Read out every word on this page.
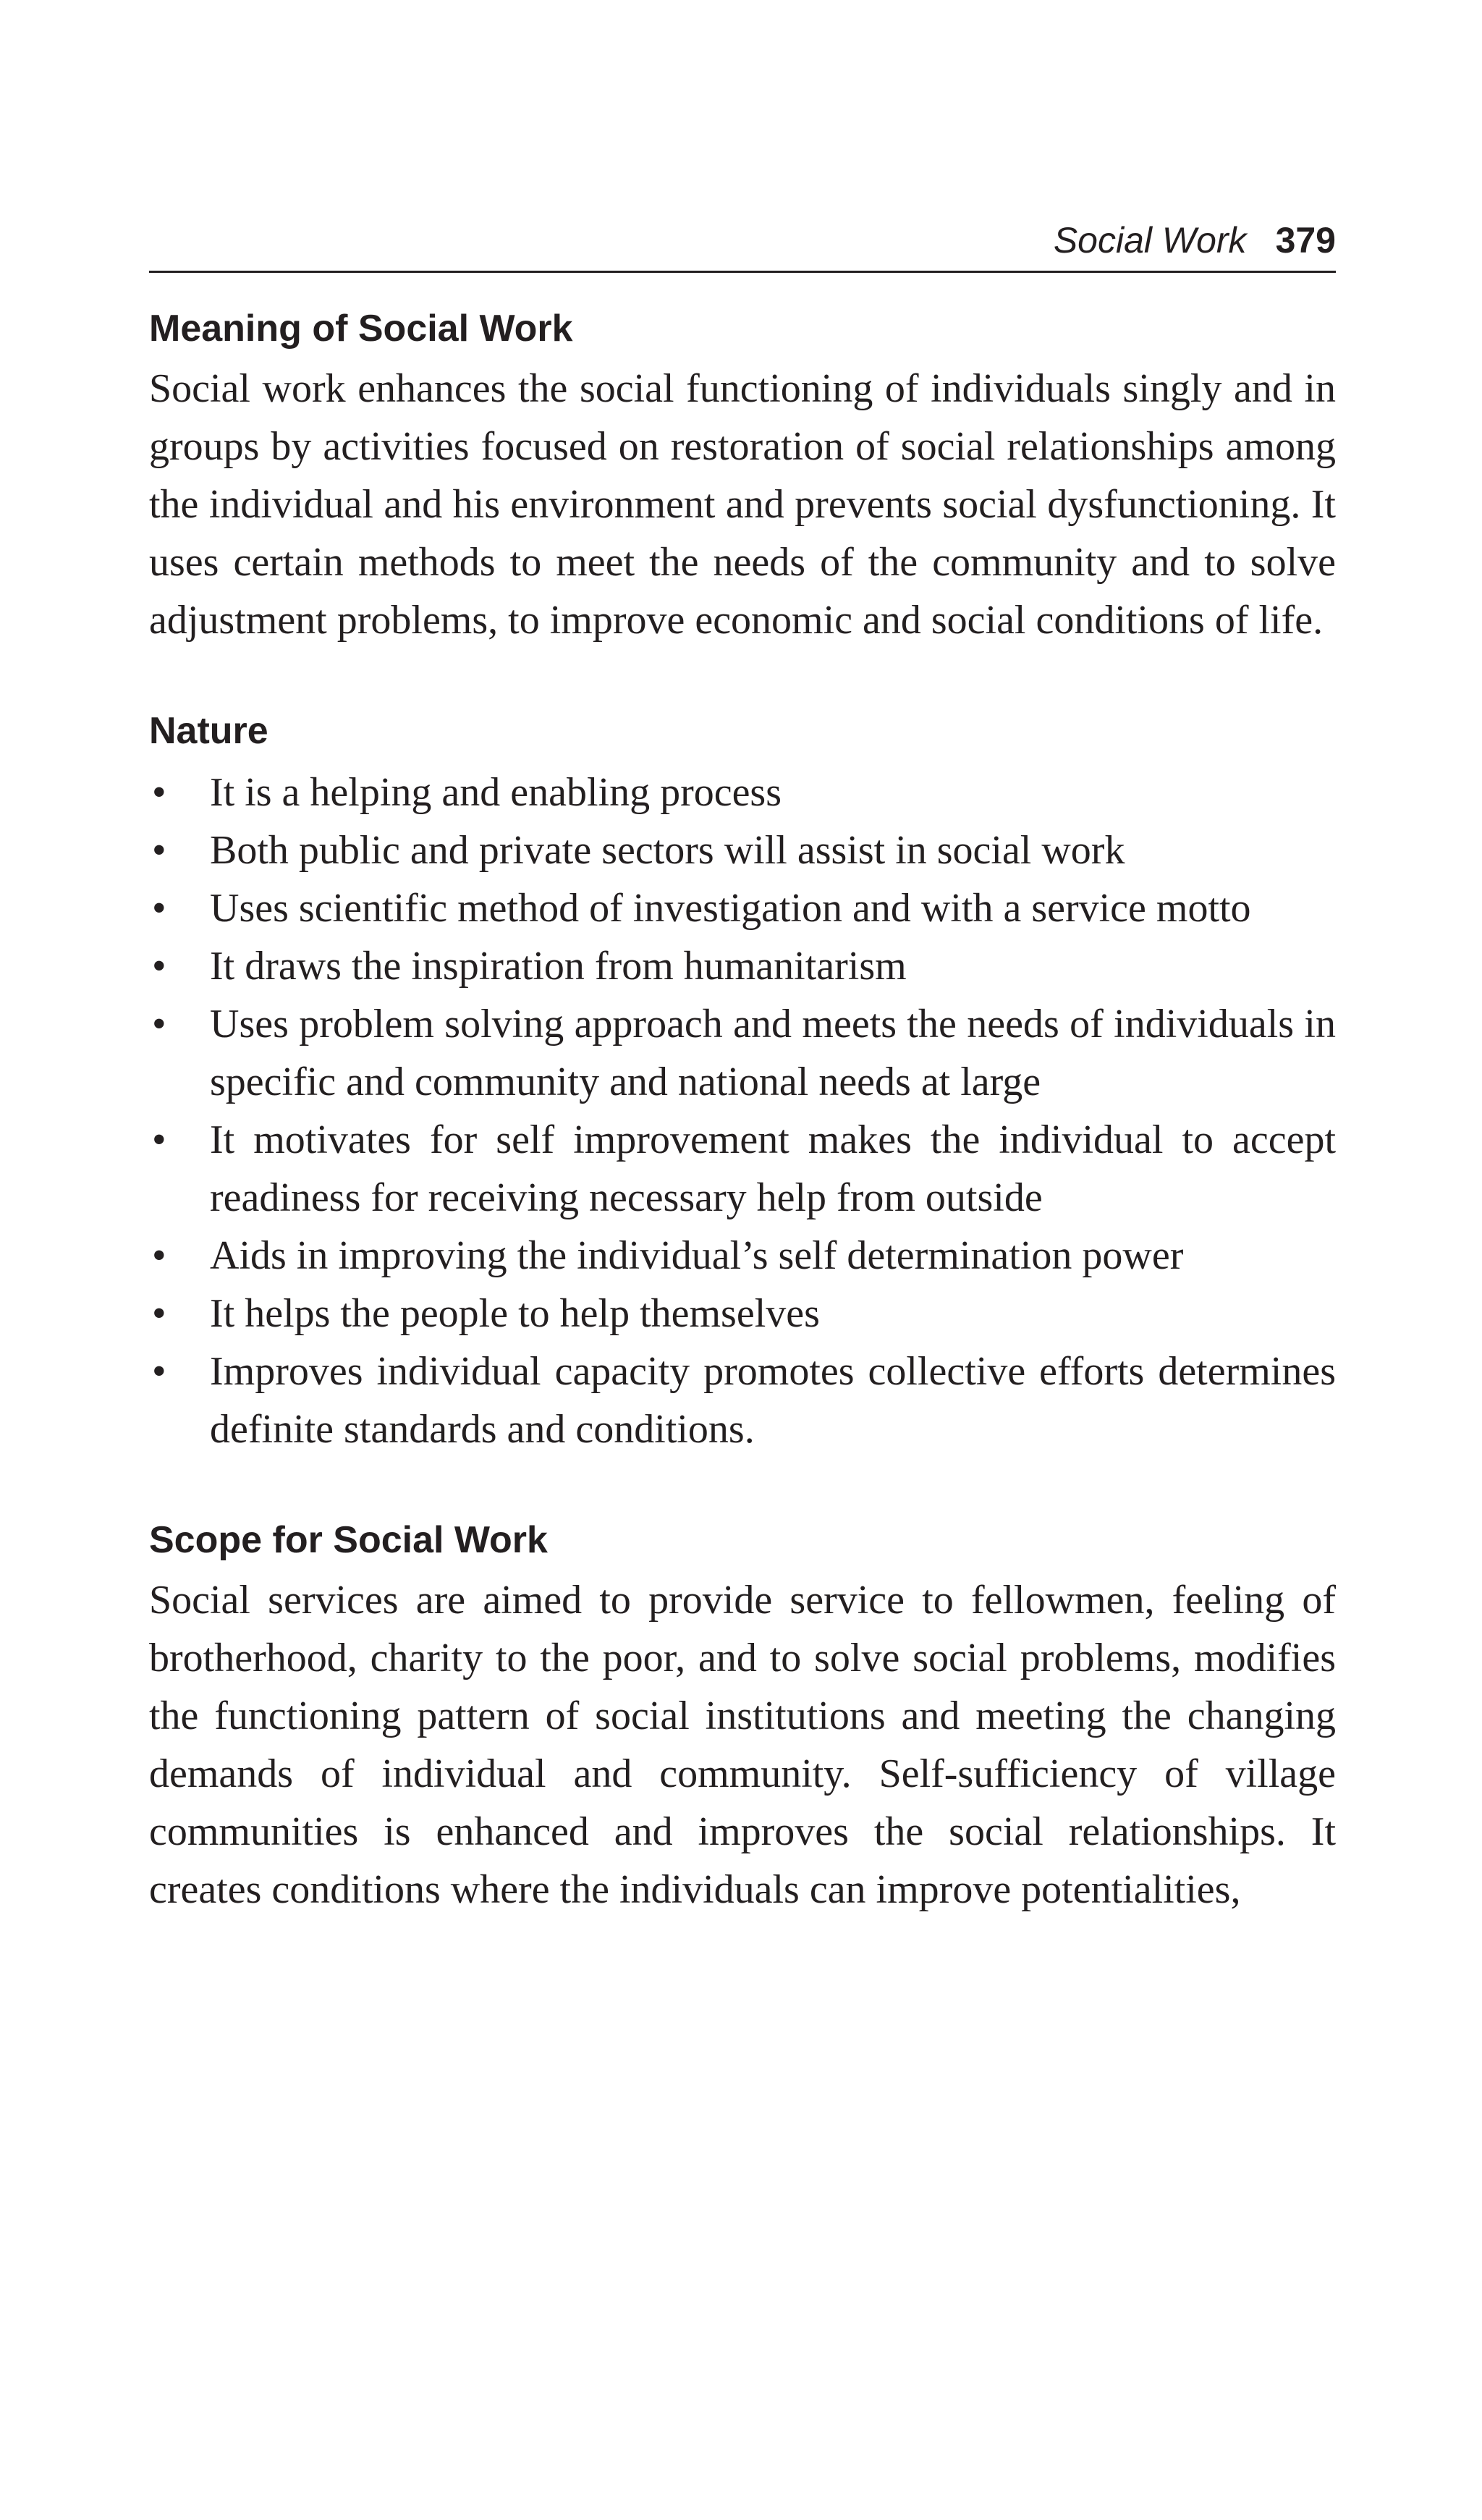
Social Work 379
Meaning of Social Work

Social work enhances the social functioning of individuals singly and in groups by activities focused on restoration of social relationships among the individual and his environment and prevents social dysfunctioning. It uses certain methods to meet the needs of the community and to solve adjustment problems, to improve economic and social conditions of life.

Nature
• It is a helping and enabling process
• Both public and private sectors will assist in social work
• Uses scientific method of investigation and with a service motto
• It draws the inspiration from humanitarism
• Uses problem solving approach and meets the needs of individuals in specific and community and national needs at large
• It motivates for self improvement makes the individual to accept readiness for receiving necessary help from outside
• Aids in improving the individual’s self determination power
• It helps the people to help themselves
• Improves individual capacity promotes collective efforts determines definite standards and conditions.
Scope for Social Work

Social services are aimed to provide service to fellowmen, feeling of brotherhood, charity to the poor, and to solve social problems, modifies the functioning pattern of social institutions and meeting the changing demands of individual and community. Self-sufficiency of village communities is enhanced and improves the social relationships. It creates conditions where the individuals can improve potentialities,
